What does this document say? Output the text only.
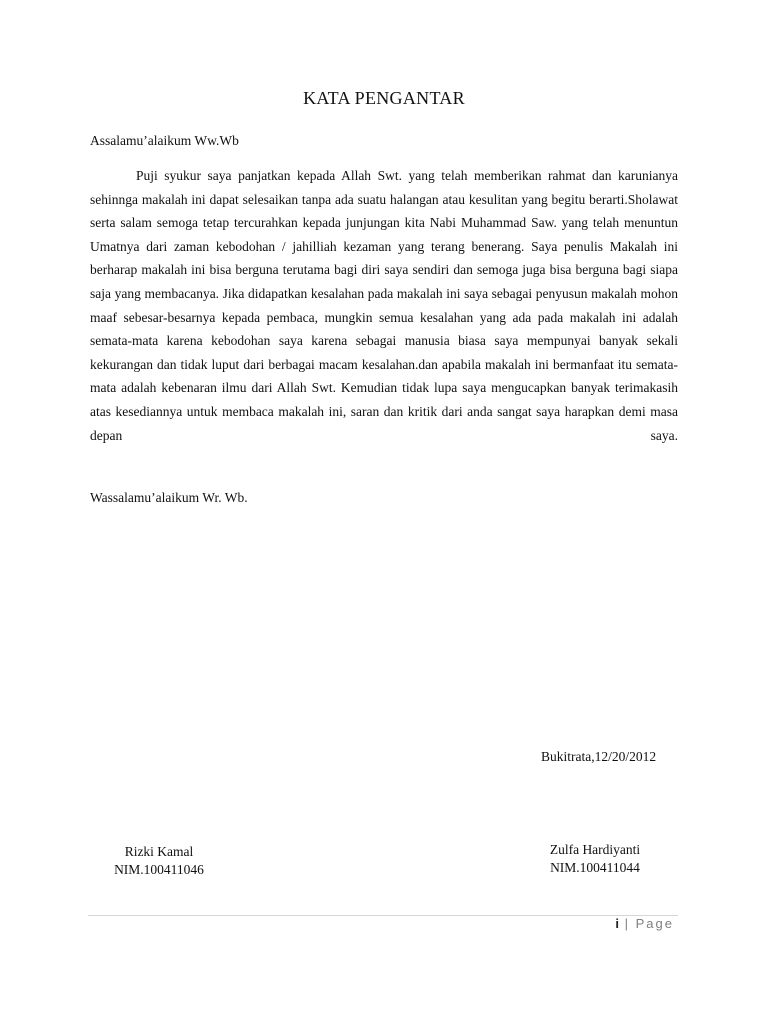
KATA PENGANTAR
Assalamu’alaikum Ww.Wb

Puji syukur saya panjatkan kepada Allah Swt. yang telah memberikan rahmat dan karunianya sehinnga makalah ini dapat selesaikan tanpa ada suatu halangan atau kesulitan yang begitu berarti.Sholawat serta salam semoga tetap tercurahkan kepada junjungan kita Nabi Muhammad Saw. yang telah menuntun Umatnya dari zaman kebodohan / jahilliah kezaman yang terang benerang. Saya penulis Makalah ini berharap makalah ini bisa berguna terutama bagi diri saya sendiri dan semoga juga bisa berguna bagi siapa saja yang membacanya. Jika didapatkan kesalahan pada makalah ini saya sebagai penyusun makalah mohon maaf sebesar-besarnya kepada pembaca, mungkin semua kesalahan yang ada pada makalah ini adalah semata-mata karena kebodohan saya karena sebagai manusia biasa saya mempunyai banyak sekali kekurangan dan tidak luput dari berbagai macam kesalahan.dan apabila makalah ini bermanfaat itu semata-mata adalah kebenaran ilmu dari Allah Swt. Kemudian tidak lupa saya mengucapkan banyak terimakasih atas kesediannya untuk membaca makalah ini, saran dan kritik dari anda sangat saya harapkan demi masa depan saya.

Wassalamu’alaikum Wr. Wb.
Bukitrata,12/20/2012
Rizki Kamal
NIM.100411046
Zulfa Hardiyanti
NIM.100411044
i | Page
